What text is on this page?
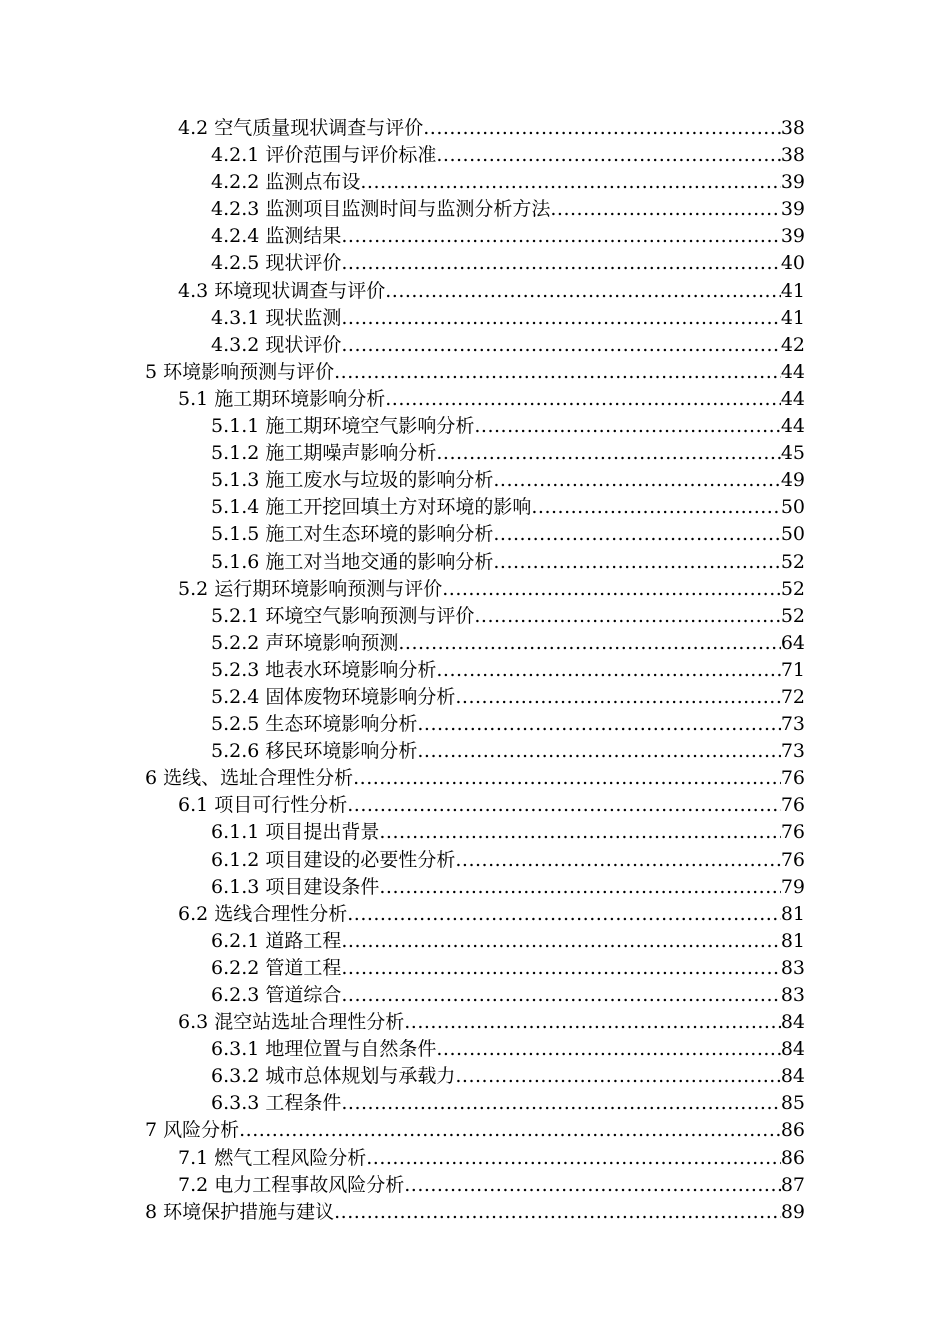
4.2 空气质量现状调查与评价 .....	38
4.2.1 评价范围与评价标准 .....	38
4.2.2 监测点布设 .....	39
4.2.3 监测项目监测时间与监测分析方法 .....	39
4.2.4 监测结果 .....	39
4.2.5 现状评价 .....	40
4.3 环境现状调查与评价 .....	41
4.3.1 现状监测 .....	41
4.3.2 现状评价 .....	42
5 环境影响预测与评价 .....	44
5.1 施工期环境影响分析 .....	44
5.1.1 施工期环境空气影响分析 .....	44
5.1.2 施工期噪声影响分析 .....	45
5.1.3 施工废水与垃圾的影响分析 .....	49
5.1.4 施工开挖回填土方对环境的影响 .....	50
5.1.5 施工对生态环境的影响分析 .....	50
5.1.6 施工对当地交通的影响分析 .....	52
5.2 运行期环境影响预测与评价 .....	52
5.2.1 环境空气影响预测与评价 .....	52
5.2.2 声环境影响预测 .....	64
5.2.3 地表水环境影响分析 .....	71
5.2.4 固体废物环境影响分析 .....	72
5.2.5 生态环境影响分析 .....	73
5.2.6 移民环境影响分析 .....	73
6 选线、选址合理性分析 .....	76
6.1 项目可行性分析 .....	76
6.1.1 项目提出背景 .....	76
6.1.2 项目建设的必要性分析 .....	76
6.1.3 项目建设条件 .....	79
6.2 选线合理性分析 .....	81
6.2.1 道路工程 .....	81
6.2.2 管道工程 .....	83
6.2.3 管道综合 .....	83
6.3 混空站选址合理性分析 .....	84
6.3.1 地理位置与自然条件 .....	84
6.3.2 城市总体规划与承载力 .....	84
6.3.3 工程条件 .....	85
7 风险分析 .....	86
7.1 燃气工程风险分析 .....	86
7.2 电力工程事故风险分析 .....	87
8 环境保护措施与建议 .....	89
